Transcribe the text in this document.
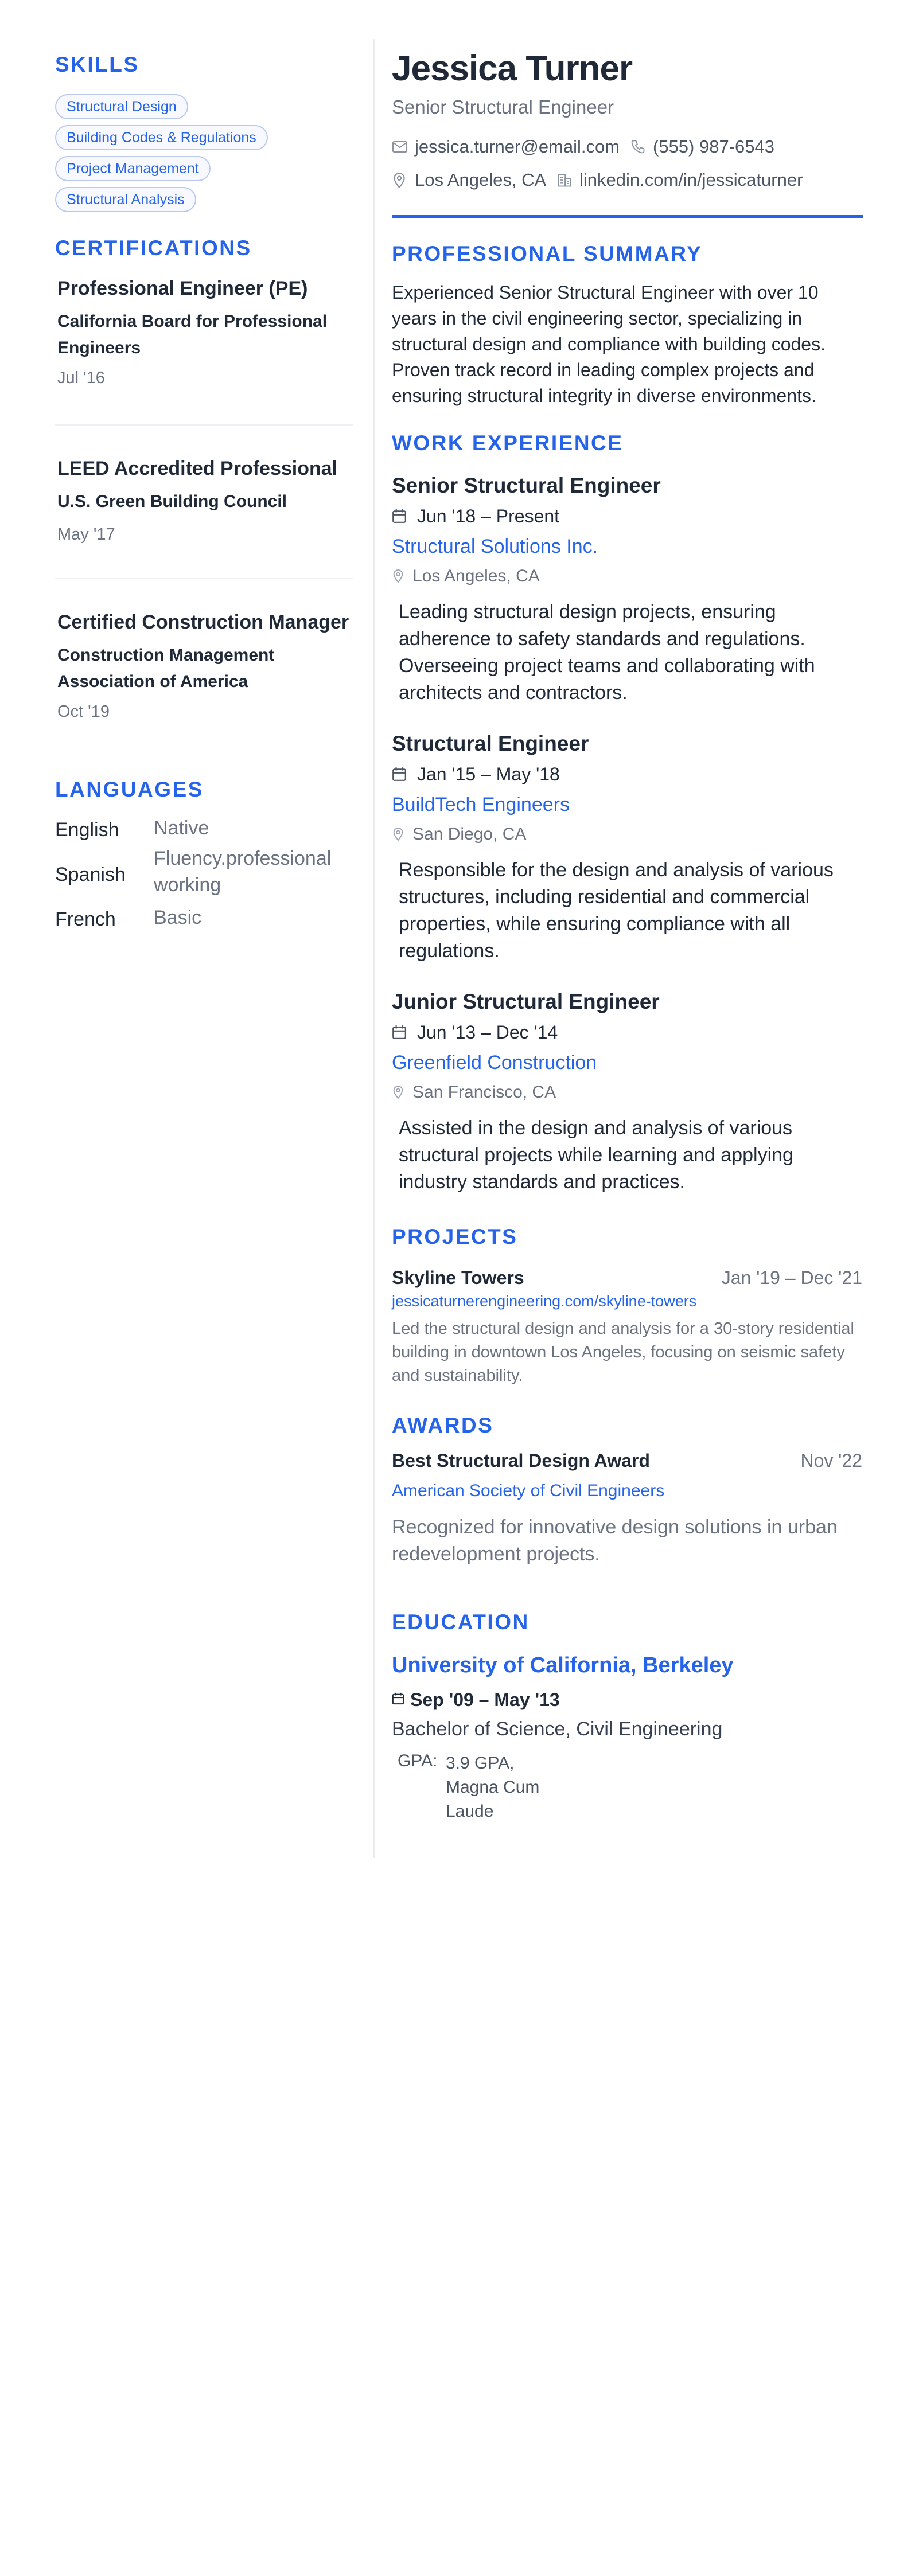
SKILLS
Structural Design
Building Codes & Regulations
Project Management
Structural Analysis
CERTIFICATIONS
Professional Engineer (PE)
California Board for Professional Engineers
Jul '16
LEED Accredited Professional
U.S. Green Building Council
May '17
Certified Construction Manager
Construction Management Association of America
Oct '19
LANGUAGES
English Native
Spanish
Fluency.professional working
French Basic
Jessica Turner
Senior Structural Engineer
jessica.turner@email.com (555) 987-6543
Los Angeles, CA linkedin.com/in/jessicaturner
PROFESSIONAL SUMMARY
Experienced Senior Structural Engineer with over 10 years in the civil engineering sector, specializing in structural design and compliance with building codes. Proven track record in leading complex projects and ensuring structural integrity in diverse environments.
WORK EXPERIENCE
Senior Structural Engineer
Jun '18 – Present
Structural Solutions Inc.
Los Angeles, CA
Leading structural design projects, ensuring adherence to safety standards and regulations. Overseeing project teams and collaborating with architects and contractors.
Structural Engineer
Jan '15 – May '18
BuildTech Engineers
San Diego, CA
Responsible for the design and analysis of various structures, including residential and commercial properties, while ensuring compliance with all regulations.
Junior Structural Engineer
Jun '13 – Dec '14
Greenfield Construction
San Francisco, CA
Assisted in the design and analysis of various structural projects while learning and applying industry standards and practices.
PROJECTS
Skyline Towers	Jan '19 – Dec '21
jessicaturnerengineering.com/skyline-towers
Led the structural design and analysis for a 30-story residential building in downtown Los Angeles, focusing on seismic safety and sustainability.
AWARDS
Best Structural Design Award	Nov '22
American Society of Civil Engineers
Recognized for innovative design solutions in urban redevelopment projects.
EDUCATION
University of California, Berkeley
Sep '09 – May '13
Bachelor of Science, Civil Engineering
GPA: 3.9 GPA, Magna Cum Laude
